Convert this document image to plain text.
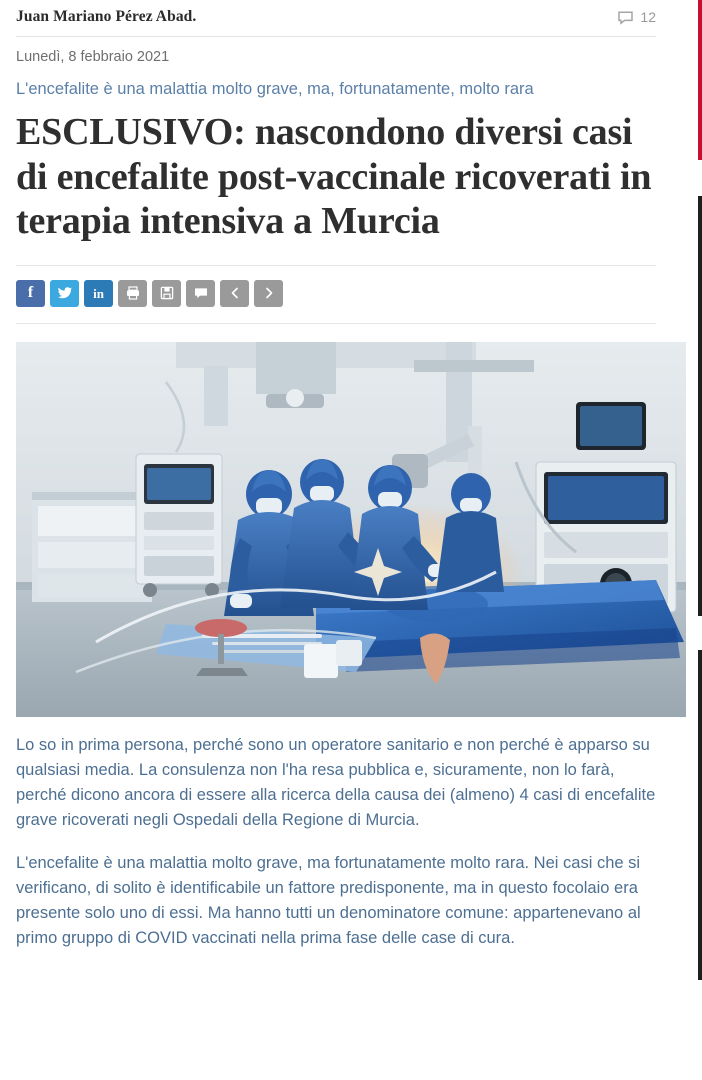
Juan Mariano Pérez Abad.	12
Lunedì, 8 febbraio 2021
L'encefalite è una malattia molto grave, ma, fortunatamente, molto rara
ESCLUSIVO: nascondono diversi casi di encefalite post-vaccinale ricoverati in terapia intensiva a Murcia
f	in

Lo so in prima persona, perché sono un operatore sanitario e non perché è apparso su qualsiasi media. La consulenza non l'ha resa pubblica e, sicuramente, non lo farà, perché dicono ancora di essere alla ricerca della causa dei (almeno) 4 casi di encefalite grave ricoverati negli Ospedali della Regione di Murcia.

L'encefalite è una malattia molto grave, ma fortunatamente molto rara. Nei casi che si verificano, di solito è identificabile un fattore predisponente, ma in questo focolaio era presente solo uno di essi. Ma hanno tutti un denominatore comune: appartenevano al primo gruppo di COVID vaccinati nella prima fase delle case di cura.
